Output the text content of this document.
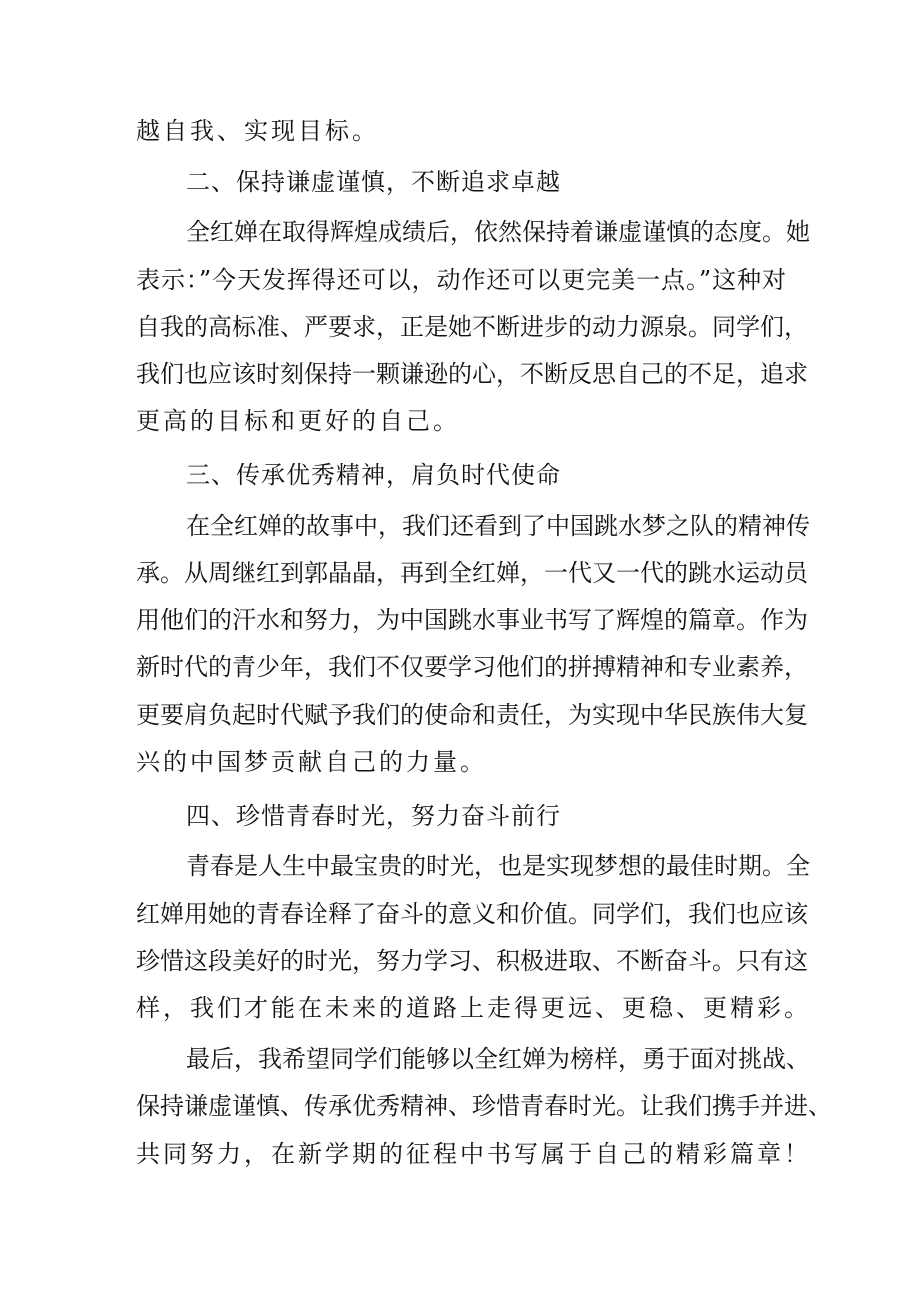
越自我、实现目标。
二、保持谦虚谨慎，不断追求卓越
全红婵在取得辉煌成绩后，依然保持着谦虚谨慎的态度。她
表示：”今天发挥得还可以，动作还可以更完美一点。”这种对
自我的高标准、严要求，正是她不断进步的动力源泉。同学们，
我们也应该时刻保持一颗谦逊的心，不断反思自己的不足，追求
更高的目标和更好的自己。
三、传承优秀精神，肩负时代使命
在全红婵的故事中，我们还看到了中国跳水梦之队的精神传
承。从周继红到郭晶晶，再到全红婵，一代又一代的跳水运动员
用他们的汗水和努力，为中国跳水事业书写了辉煌的篇章。作为
新时代的青少年，我们不仅要学习他们的拼搏精神和专业素养，
更要肩负起时代赋予我们的使命和责任，为实现中华民族伟大复
兴的中国梦贡献自己的力量。
四、珍惜青春时光，努力奋斗前行
青春是人生中最宝贵的时光，也是实现梦想的最佳时期。全
红婵用她的青春诠释了奋斗的意义和价值。同学们，我们也应该
珍惜这段美好的时光，努力学习、积极进取、不断奋斗。只有这
样，我们才能在未来的道路上走得更远、更稳、更精彩。
最后，我希望同学们能够以全红婵为榜样，勇于面对挑战、
保持谦虚谨慎、传承优秀精神、珍惜青春时光。让我们携手并进、
共同努力，在新学期的征程中书写属于自己的精彩篇章！
